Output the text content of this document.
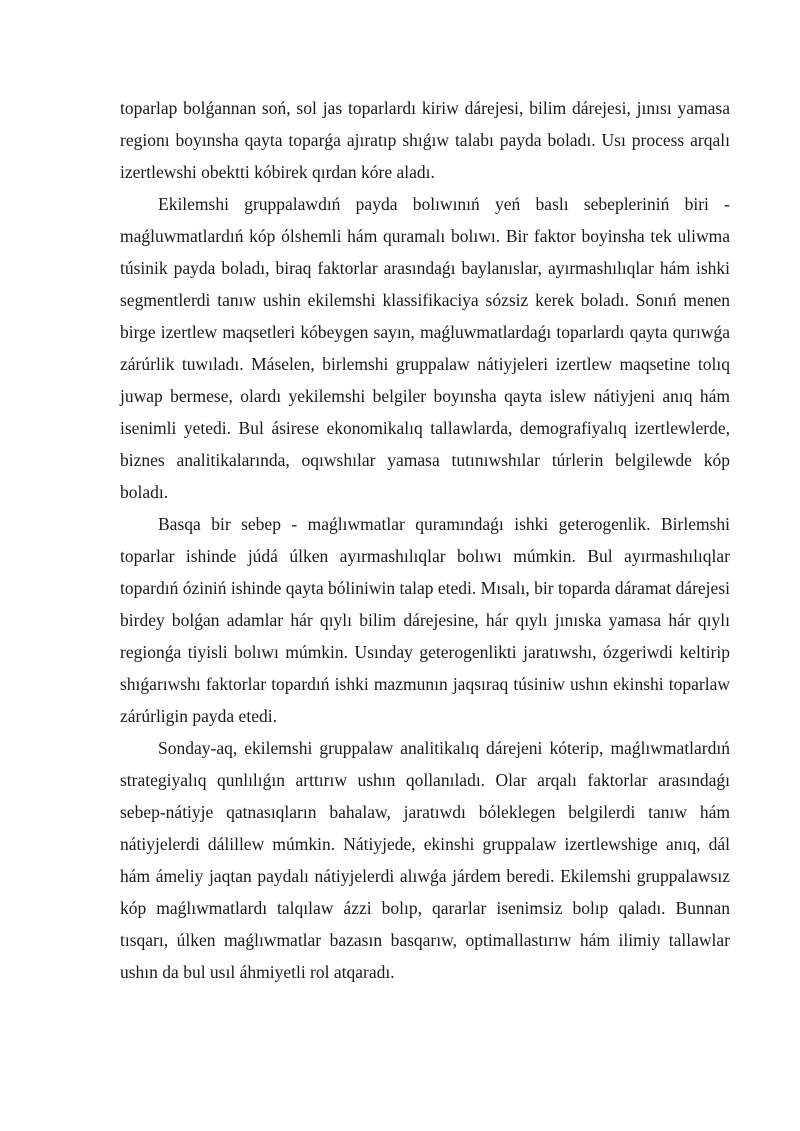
toparlap bolǵannan soń, sol jas toparlardı kiriw dárejesi, bilim dárejesi, jınısı yamasa regionı boyınsha qayta toparǵa ajıratıp shıǵıw talabı payda boladı. Usı process arqalı izertlewshi obektti kóbirek qırdan kóre aladı.

Ekilemshi gruppalawdıń payda bolıwınıń yeń baslı sebepleriniń biri - maǵluwmatlardıń kóp ólshemli hám quramalı bolıwı. Bir faktor boyinsha tek uliwma túsinik payda boladı, biraq faktorlar arasındaǵı baylanıslar, ayırmashılıqlar hám ishki segmentlerdi tanıw ushin ekilemshi klassifikaciya sózsiz kerek boladı. Sonıń menen birge izertlew maqsetleri kóbeygen sayın, maǵluwmatlardaǵı toparlardı qayta qurıwǵa zárúrlik tuwıladı. Máselen, birlemshi gruppalaw nátiyjeleri izertlew maqsetine tolıq juwap bermese, olardı yekilemshi belgiler boyınsha qayta islew nátiyjeni anıq hám isenimli yetedi. Bul ásirese ekonomikalıq tallawlarda, demografiyalıq izertlewlerde, biznes analitikalarında, oqıwshılar yamasa tutınıwshılar túrlerin belgilewde kóp boladı.

Basqa bir sebep - maǵlıwmatlar quramındaǵı ishki geterogenlik. Birlemshi toparlar ishinde júdá úlken ayırmashılıqlar bolıwı múmkin. Bul ayırmashılıqlar topardıń óziniń ishinde qayta bóliniwin talap etedi. Mısalı, bir toparda dáramat dárejesi birdey bolǵan adamlar hár qıylı bilim dárejesine, hár qıylı jınıska yamasa hár qıylı regionǵa tiyisli bolıwı múmkin. Usınday geterogenlikti jaratıwshı, ózgeriwdi keltirip shıǵarıwshı faktorlar topardıń ishki mazmunın jaqsıraq túsiniw ushın ekinshi toparlaw zárúrligin payda etedi.

Sonday-aq, ekilemshi gruppalaw analitikalıq dárejeni kóterip, maǵlıwmatlardıń strategiyalıq qunlılıǵın arttırıw ushın qollanıladı. Olar arqalı faktorlar arasındaǵı sebep-nátiyje qatnasıqların bahalaw, jaratıwdı bóleklegen belgilerdi tanıw hám nátiyjelerdi dálillew múmkin. Nátiyjede, ekinshi gruppalaw izertlewshige anıq, dál hám ámeliy jaqtan paydalı nátiyjelerdi alıwǵa járdem beredi. Ekilemshi gruppalawsız kóp maǵlıwmatlardı talqılaw ázzi bolıp, qararlar isenimsiz bolıp qaladı. Bunnan tısqarı, úlken maǵlıwmatlar bazasın basqarıw, optimallastırıw hám ilimiy tallawlar ushın da bul usıl áhmiyetli rol atqaradı.
